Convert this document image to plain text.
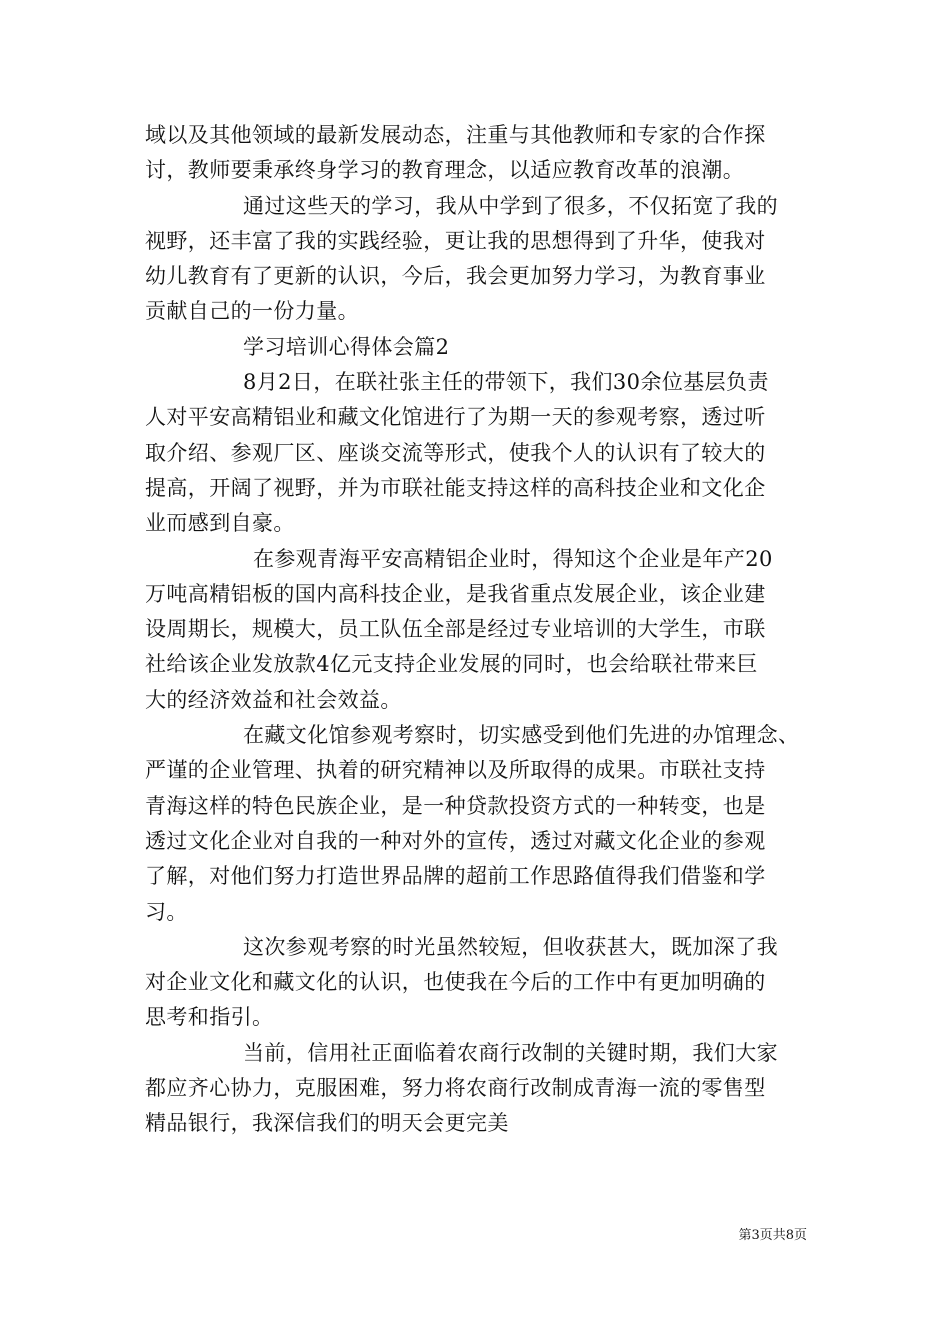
域以及其他领域的最新发展动态，注重与其他教师和专家的合作探
讨，教师要秉承终身学习的教育理念，以适应教育改革的浪潮。
通过这些天的学习，我从中学到了很多，不仅拓宽了我的
视野，还丰富了我的实践经验，更让我的思想得到了升华，使我对
幼儿教育有了更新的认识，今后，我会更加努力学习，为教育事业
贡献自己的一份力量。
学习培训心得体会篇2
8月2日，在联社张主任的带领下，我们30余位基层负责
人对平安高精铝业和藏文化馆进行了为期一天的参观考察，透过听
取介绍、参观厂区、座谈交流等形式，使我个人的认识有了较大的
提高，开阔了视野，并为市联社能支持这样的高科技企业和文化企
业而感到自豪。
在参观青海平安高精铝企业时，得知这个企业是年产20
万吨高精铝板的国内高科技企业，是我省重点发展企业，该企业建
设周期长，规模大，员工队伍全部是经过专业培训的大学生，市联
社给该企业发放款4亿元支持企业发展的同时，也会给联社带来巨
大的经济效益和社会效益。
在藏文化馆参观考察时，切实感受到他们先进的办馆理念、
严谨的企业管理、执着的研究精神以及所取得的成果。市联社支持
青海这样的特色民族企业，是一种贷款投资方式的一种转变，也是
透过文化企业对自我的一种对外的宣传，透过对藏文化企业的参观
了解，对他们努力打造世界品牌的超前工作思路值得我们借鉴和学
习。
这次参观考察的时光虽然较短，但收获甚大，既加深了我
对企业文化和藏文化的认识，也使我在今后的工作中有更加明确的
思考和指引。
当前，信用社正面临着农商行改制的关键时期，我们大家
都应齐心协力，克服困难，努力将农商行改制成青海一流的零售型
精品银行，我深信我们的明天会更完美
第3页共8页
